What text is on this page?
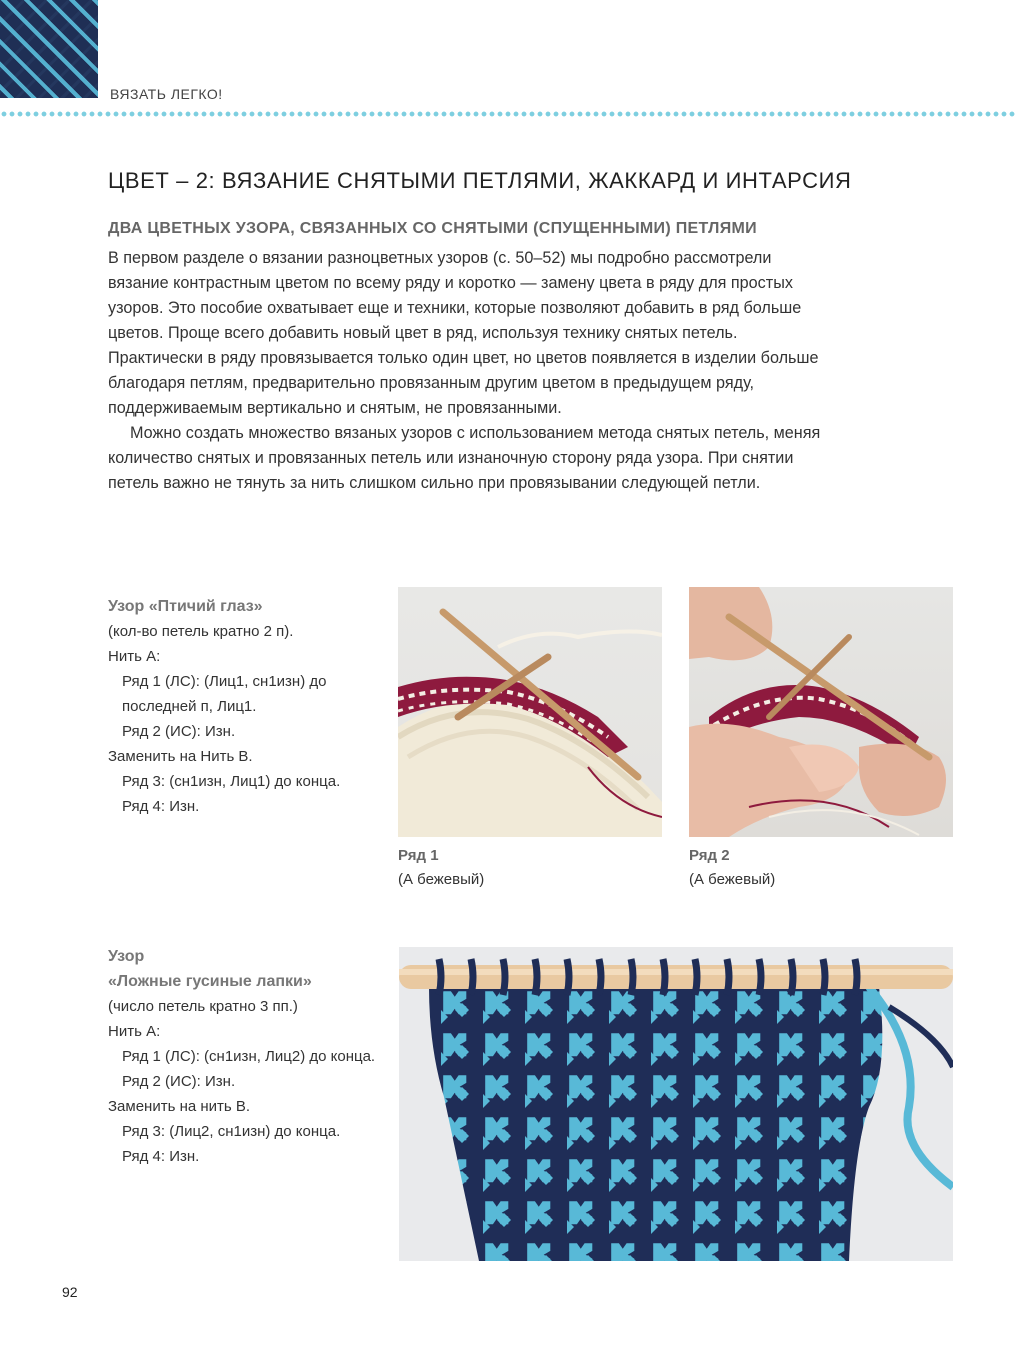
ВЯЗАТЬ ЛЕГКО!
ЦВЕТ – 2: ВЯЗАНИЕ СНЯТЫМИ ПЕТЛЯМИ, ЖАККАРД И ИНТАРСИЯ
ДВА ЦВЕТНЫХ УЗОРА, СВЯЗАННЫХ СО СНЯТЫМИ (СПУЩЕННЫМИ) ПЕТЛЯМИ

В первом разделе о вязании разноцветных узоров (с. 50–52) мы подробно рассмотрели вязание контрастным цветом по всему ряду и коротко — замену цвета в ряду для простых узоров. Это пособие охватывает еще и техники, которые позволяют добавить в ряд больше цветов. Проще всего добавить новый цвет в ряд, используя технику снятых петель. Практически в ряду провязывается только один цвет, но цветов появляется в изделии больше благодаря петлям, предварительно провязанным другим цветом в предыдущем ряду, поддерживаемым вертикально и снятым, не провязанными.

Можно создать множество вязаных узоров с использованием метода снятых петель, меняя количество снятых и провязанных петель или изнаночную сторону ряда узора. При снятии петель важно не тянуть за нить слишком сильно при провязывании следующей петли.

Узор «Птичий глаз»
(кол-во петель кратно 2 п).
Нить А:
Ряд 1 (ЛС): (Лиц1, сн1изн) до
последней п, Лиц1.
Ряд 2 (ИС): Изн.
Заменить на Нить В.
Ряд 3: (сн1изн, Лиц1) до конца.
Ряд 4: Изн.
Ряд 1
(А бежевый)
Ряд 2
(А бежевый)
Узор
«Ложные гусиные лапки»
(число петель кратно 3 пп.)
Нить А:
Ряд 1 (ЛС): (сн1изн, Лиц2) до конца.
Ряд 2 (ИС): Изн.
Заменить на нить В.
Ряд 3: (Лиц2, сн1изн) до конца.
Ряд 4: Изн.
92
